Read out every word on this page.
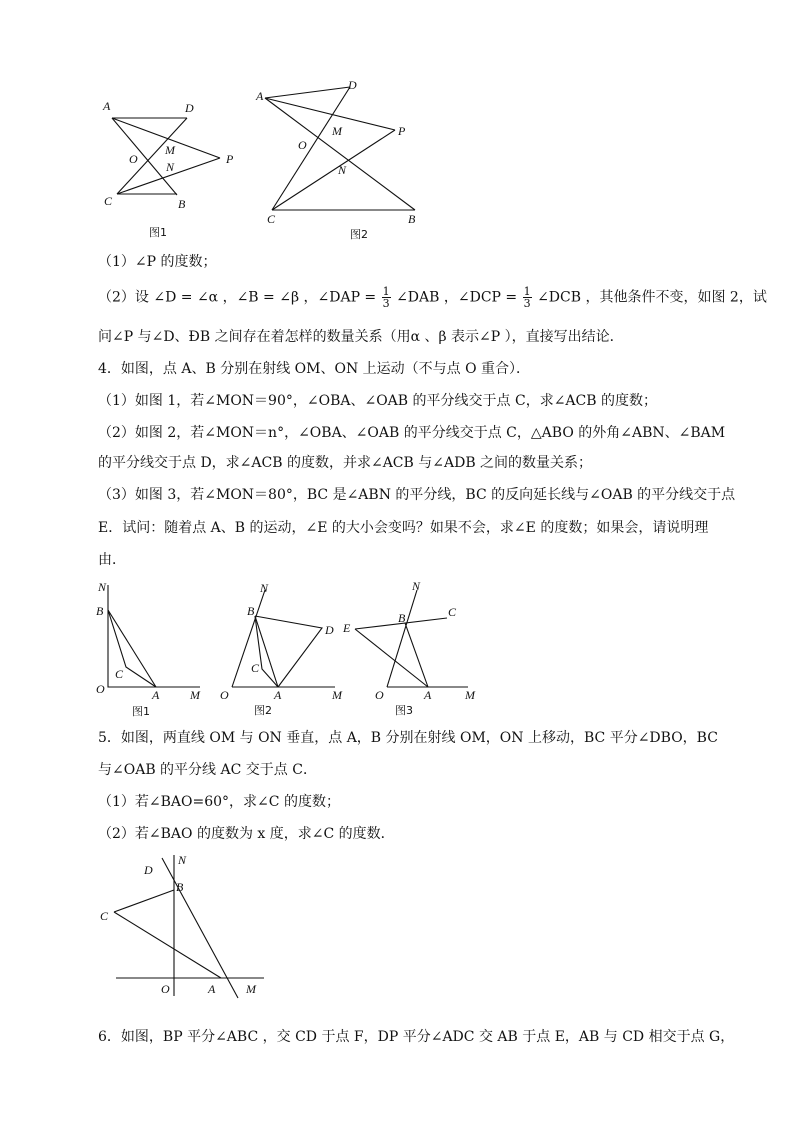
A	D
M
O
N
P
C	B
图1
A
D
M	P
O
N
C	B
图2
（1）∠P 的度数；
（2）设 ∠D = ∠α ，∠B = ∠β ，∠DAP = $\frac{1}{3}$ ∠DAB ，∠DCP = $\frac{1}{3}$ ∠DCB ，其他条件不变，如图 2，试
问∠P 与∠D、ÐB 之间存在着怎样的数量关系（用α 、β 表示∠P ），直接写出结论．
4．如图，点 A、B 分别在射线 OM、ON 上运动（不与点 O 重合）．
（1）如图 1，若∠MON＝90°，∠OBA、∠OAB 的平分线交于点 C，求∠ACB 的度数；
（2）如图 2，若∠MON＝n°，∠OBA、∠OAB 的平分线交于点 C，△ABO 的外角∠ABN、∠BAM
的平分线交于点 D，求∠ACB 的度数，并求∠ACB 与∠ADB 之间的数量关系；
（3）如图 3，若∠MON＝80°，BC 是∠ABN 的平分线，BC 的反向延长线与∠OAB 的平分线交于点
E．试问：随着点 A、B 的运动，∠E 的大小会变吗？如果不会，求∠E 的度数；如果会，请说明理
由．
N
B
C
O	A	M
图1
N
B
D
C
O	A	M
图2
N
C
E
B
O	A	M
图3
5．如图，两直线 OM 与 ON 垂直，点 A，B 分别在射线 OM，ON 上移动，BC 平分∠DBO，BC
与∠OAB 的平分线 AC 交于点 C．
（1）若∠BAO=60°，求∠C 的度数；
（2）若∠BAO 的度数为 x 度，求∠C 的度数．
D
N
B
C
O	A	M
6．如图，BP 平分∠ABC ，交 CD 于点 F，DP 平分∠ADC 交 AB 于点 E，AB 与 CD 相交于点 G，
